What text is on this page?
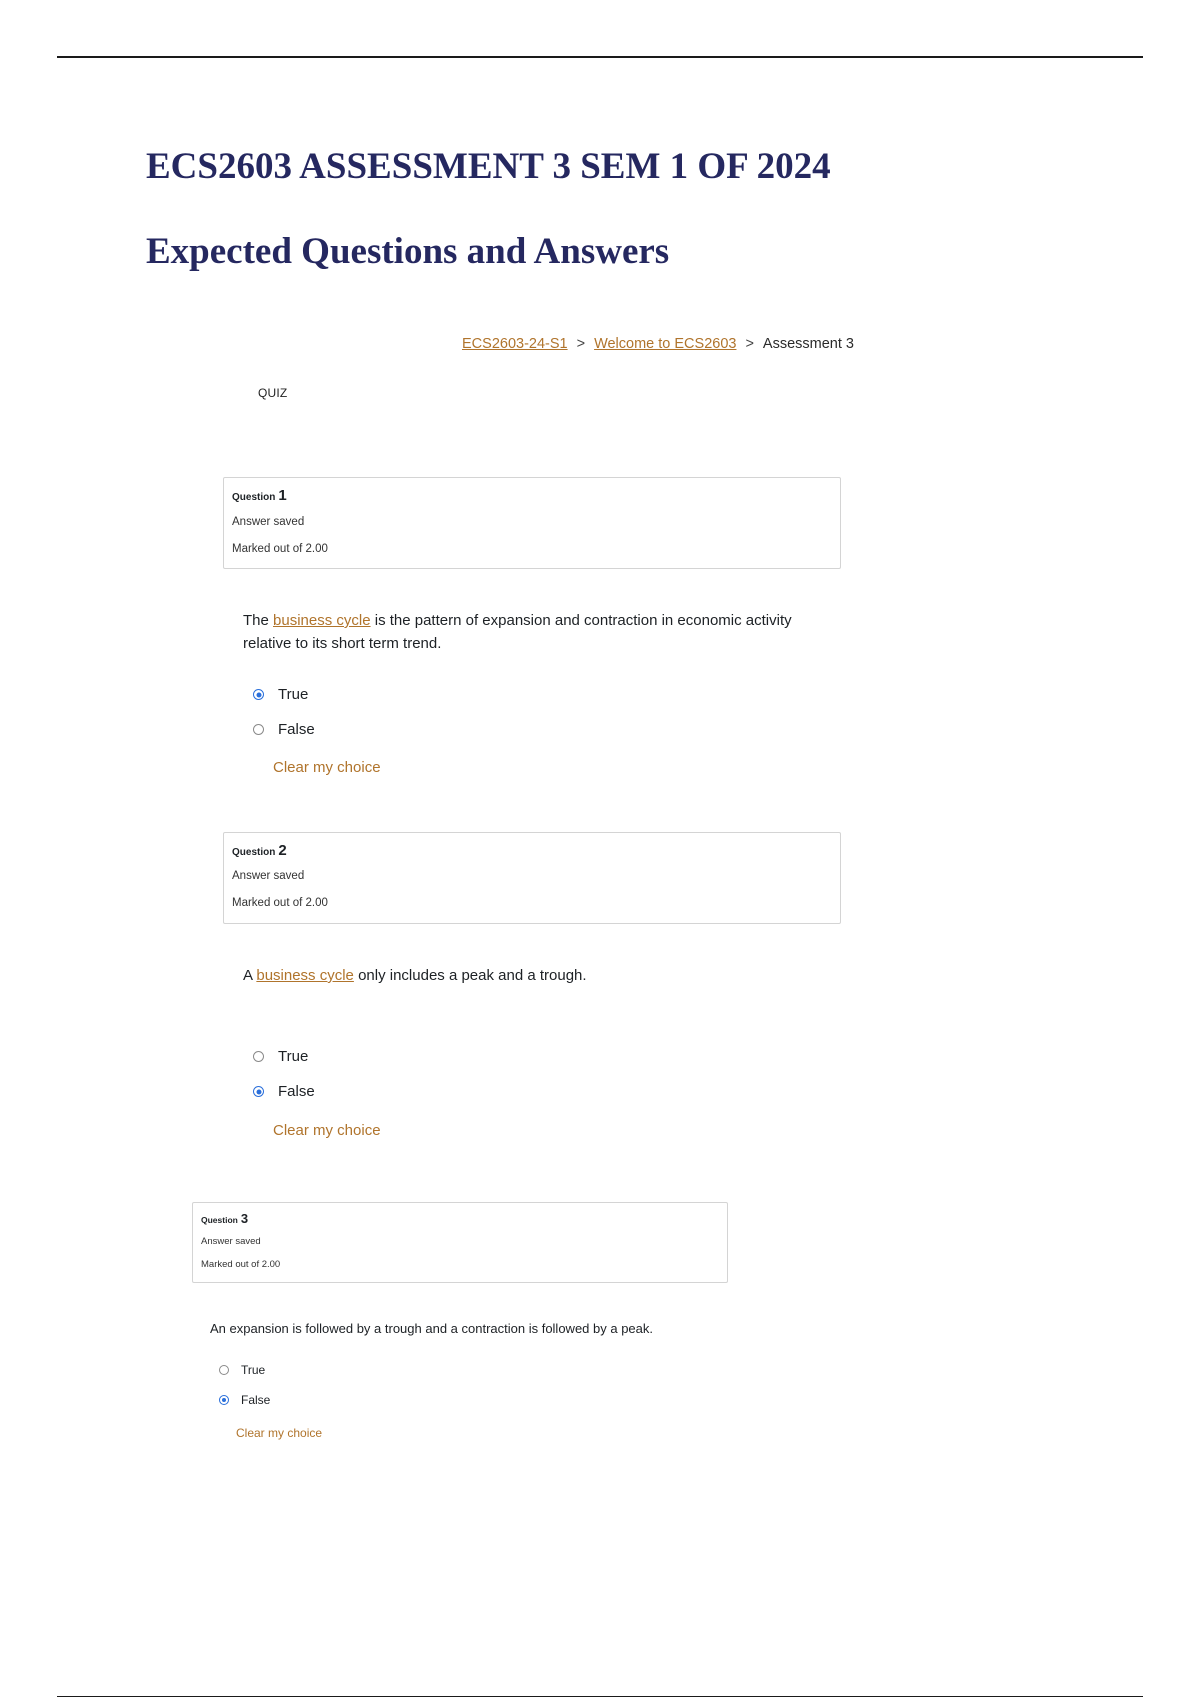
ECS2603 ASSESSMENT 3 SEM 1 OF 2024
Expected Questions and Answers
ECS2603-24-S1 > Welcome to ECS2603 > Assessment 3
QUIZ
Question 1
Answer saved
Marked out of 2.00
The business cycle is the pattern of expansion and contraction in economic activity relative to its short term trend.
True
False
Clear my choice
Question 2
Answer saved
Marked out of 2.00
A business cycle only includes a peak and a trough.
True
False
Clear my choice
Question 3
Answer saved
Marked out of 2.00
An expansion is followed by a trough and a contraction is followed by a peak.
True
False
Clear my choice
